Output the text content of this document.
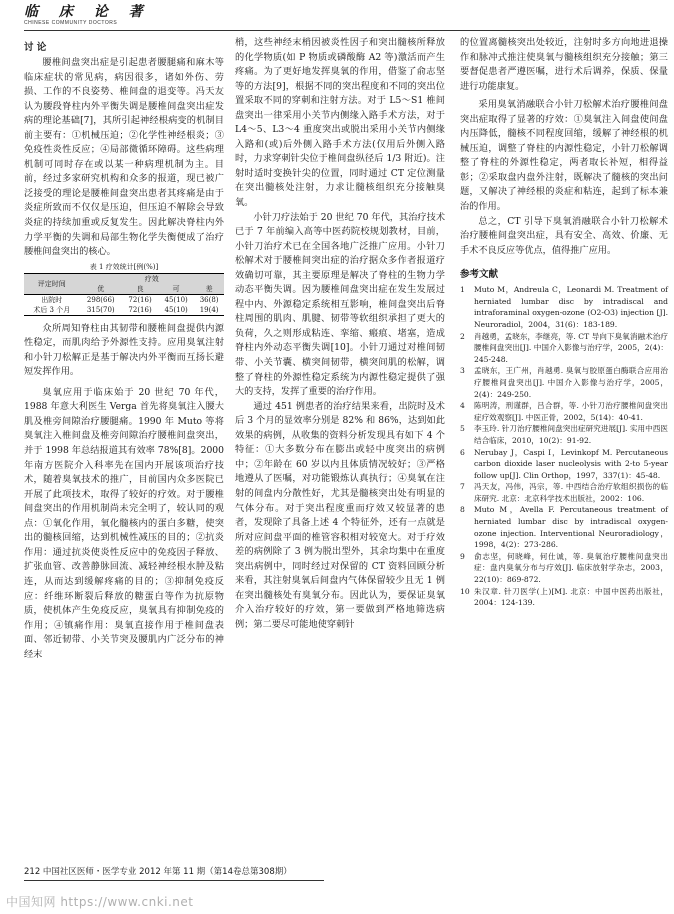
临 床 论 著
CHINESE COMMUNITY DOCTORS
讨 论

腰椎间盘突出症是引起患者腰腿痛和麻木等临床症状的常见病，病因很多，诸如外伤、劳损、工作的不良姿势、椎间盘的退变等。冯天友认为腰段脊柱内外平衡失调是腰椎间盘突出症发病的理论基础[7]，其所引起神经根病变的机制目前主要有：①机械压迫；②化学性神经根炎；③免疫性炎性反应；④局部微循环障碍。这些病理机制可同时存在或以某一种病理机制为主。目前，经过多家研究机构和众多的报道，现已被广泛接受的理论是腰椎间盘突出患者其疼痛是由于炎症所致而不仅仅是压迫，但压迫不解除会导致炎症的持续加重或反复发生。因此解决脊柱内外力学平衡的失调和局部生物化学失衡便成了治疗腰椎间盘突出的核心。

表 1 疗效统计[例(%)]
评定时间	疗效			
	优	良	可	差
出院时	298(66)	72(16)	45(10)	36(8)
术后 3 个月	315(70)	72(16)	45(10)	19(4)

众所周知脊柱由其韧带和腰椎间盘提供内源性稳定，而肌肉给予外源性支持。应用臭氧注射和小针刀松解正是基于解决内外平衡而互扬长避短发挥作用。

臭氧应用于临床始于 20 世纪 70 年代，1988 年意大利医生 Verga 首先将臭氧注入腰大肌及椎旁间隙治疗腰腿痛。1990 年 Muto 等将臭氧注入椎间盘及椎旁间隙治疗腰椎间盘突出，并于 1998 年总结报道其有效率 78%[8]。2000 年南方医院介入科率先在国内开展该项治疗技术，随着臭氧技术的推广，目前国内众多医院已开展了此项技术，取得了较好的疗效。对于腰椎间盘突出的作用机制尚未完全明了，较认同的观点：①氧化作用，氧化髓核内的蛋白多糖，使突出的髓核回缩，达到机械性减压的目的；②抗炎作用：通过抗炎使炎性反应中的免疫因子释放、扩张血管、改善静脉回流、减轻神经根水肿及粘连，从而达到缓解疼痛的目的；③抑制免疫反应：纤维环断裂后释放的糖蛋白等作为抗原物质，使机体产生免疫反应，臭氧具有抑制免疫的作用；④镇痛作用：臭氧直接作用于椎间盘表面、邻近韧带、小关节突及腰肌内广泛分布的神经末

梢，这些神经末梢因被炎性因子和突出髓核所释放的化学物质(如 P 物质或磷酸酶 A2 等)激活而产生疼痛。为了更好地发挥臭氧的作用，借鉴了俞志坚等的方法[9]，根据不同的突出程度和不同的突出位置采取不同的穿刺和注射方法。对于 L5～S1 椎间盘突出一律采用小关节内侧缘入路手术方法，对于 L4～5、L3～4 重度突出或脱出采用小关节内侧缘入路和(或)后外侧入路手术方法(仅用后外侧入路时，力求穿刺针尖位于椎间盘纵径后 1/3 附近)。注射时适时变换针尖的位置，同时通过 CT 定位测量在突出髓核处注射，力求让髓核组织充分接触臭氧。

小针刀疗法始于 20 世纪 70 年代，其治疗技术已于 7 年前编入高等中医药院校规划教材，目前，小针刀治疗术已在全国各地广泛推广应用。小针刀松解术对于腰椎间突出症的治疗据众多作者报道疗效确切可靠，其主要原理是解决了脊柱的生物力学动态平衡失调。因为腰椎间盘突出症在发生发展过程中内、外源稳定系统相互影响，椎间盘突出后脊柱周围的肌肉、肌腱、韧带等软组织承担了更大的负荷，久之则形成粘连、挛缩、瘢痕、堵塞，造成脊柱内外动态平衡失调[10]。小针刀通过对椎间韧带、小关节囊、横突间韧带，横突间肌的松解，调整了脊柱的外源性稳定系统为内源性稳定提供了强大的支持，发挥了重要的治疗作用。

通过 451 例患者的治疗结果来看，出院时及术后 3 个月的显效率分别是 82% 和 86%，达到如此效果的病例，从收集的资料分析发现具有如下 4 个特征：①大多数分布在膨出或轻中度突出的病例中；②年龄在 60 岁以内且体质情况较好；③严格地遵从了医嘱，对功能锻炼认真执行；④臭氧在注射的间盘内分散性好，尤其是髓核突出处有明显的气体分布。对于突出程度重而疗效又较显著的患者，发现除了具备上述 4 个特征外，还有一点就是所对应间盘平面的椎管容积相对较宽大。对于疗效差的病例除了 3 例为脱出型外，其余均集中在重度突出病例中，同时经过对保留的 CT 资料回顾分析来看，其注射臭氧后间盘内气体保留较少且无 1 例在突出髓核处有臭氧分布。因此认为，要保证臭氧介入治疗较好的疗效，第一要做到严格地筛选病例；第二要尽可能地使穿刺针

的位置离髓核突出处较近，注射时多方向地进退操作和脉冲式推注使臭氧与髓核组织充分接触；第三要督促患者严遵医嘱，进行术后调养，保质、保量进行功能康复。

采用臭氧消融联合小针刀松解术治疗腰椎间盘突出症取得了显著的疗效：①臭氧注入间盘使间盘内压降低，髓核不同程度回缩，缓解了神经根的机械压迫，调整了脊柱的内源性稳定，小针刀松解调整了脊柱的外源性稳定，两者取长补短，相得益彰；②采取盘内盘外注射，既解决了髓核的突出问题，又解决了神经根的炎症和粘连，起到了标本兼治的作用。

总之，CT 引导下臭氧消融联合小针刀松解术治疗腰椎间盘突出症，具有安全、高效、价廉、无手术不良反应等优点，值得推广应用。

参考文献
1	Muto M，Andreula C，Leonardi M. Treatment of herniated lumbar disc by intradiscal and intraforaminal oxygen-ozone (O2-O3) injection [J]. Neuroradiol，2004，31(6)：183-189.
2	肖越勇，孟晓东，李继亮，等. CT 导向下臭氧消融术治疗腰椎间盘突出[J]. 中国介入影像与治疗学，2005，2(4)：245-248.
3	孟晓东，王广州，肖越勇. 臭氧与胶原蛋白酶联合应用治疗腰椎间盘突出[J]. 中国介入影像与治疗学，2005，2(4)：249-250.
4	陈明涛，刑谨群，吕合群，等. 小针刀治疗腰椎间盘突出症疗效观察[J]. 中医正骨，2002，5(14)：40-41.
5	李玉玲. 针刀治疗腰椎间盘突出症研究进展[J]. 实用中西医结合临床，2010，10(2)：91-92.
6	Nerubay J，Caspi I，Levinkopf M. Percutaneous carbon dioxide laser nucleolysis with 2-to 5-year follow up[J]. Clin Orthop，1997，337(1)：45-48.
7	冯天友，冯伟，冯宗，等. 中西结合治疗软组织损伤的临床研究. 北京：北京科学技术出版社，2002：106.
8	Muto M，Avella F. Percutaneous treatment of herniated lumbar disc by intradiscal oxygen-ozone injection. Interventional Neuroradiology，1998，4(2)：273-286.
9	俞志坚，何晓峰，何仕诚，等. 臭氧治疗腰椎间盘突出症：盘内臭氧分布与疗效[J]. 临床放射学杂志，2003，22(10)：869-872.
10 朱汉章. 针刀医学(上)[M]. 北京：中国中医药出版社，2004：124-139.
212 中国社区医师・医学专业 2012 年第 11 期（第14卷总第308期）
中国知网 https://www.cnki.net
